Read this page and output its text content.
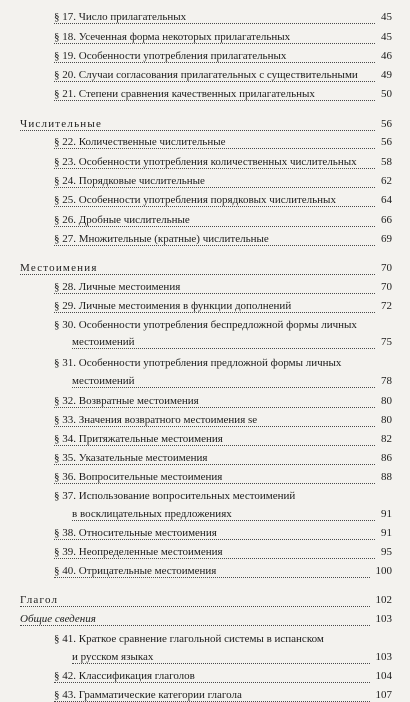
§ 17. Число прилагательных	45
§ 18. Усеченная форма некоторых прилагательных	45
§ 19. Особенности употребления прилагательных	46
§ 20. Случаи согласования прилагательных с существительными 49
§ 21. Степени сравнения качественных прилагательных	50
Числительные	56
§ 22. Количественные числительные	56
§ 23. Особенности употребления количественных числительных 58
§ 24. Порядковые числительные	62
§ 25. Особенности употребления порядковых числительных	64
§ 26. Дробные числительные	66
§ 27. Множительные (кратные) числительные	69
Местоимения	70
§ 28. Личные местоимения	70
§ 29. Личные местоимения в функции дополнений	72
§ 30. Особенности употребления беспредложной формы личных
местоимений	75
§ 31. Особенности употребления предложной формы личных
местоимений	78
§ 32. Возвратные местоимения	80
§ 33. Значения возвратного местоимения se	80
§ 34. Притяжательные местоимения	82
§ 35. Указательные местоимения	86
§ 36. Вопросительные местоимения	88
§ 37. Использование вопросительных местоимений
в восклицательных предложениях	91
§ 38. Относительные местоимения	91
§ 39. Неопределенные местоимения	95
§ 40. Отрицательные местоимения	100
Глагол	102
Общие сведения	103
§ 41. Краткое сравнение глагольной системы в испанском
и русском языках	103
§ 42. Классификация глаголов	104
§ 43. Грамматические категории глагола	107
